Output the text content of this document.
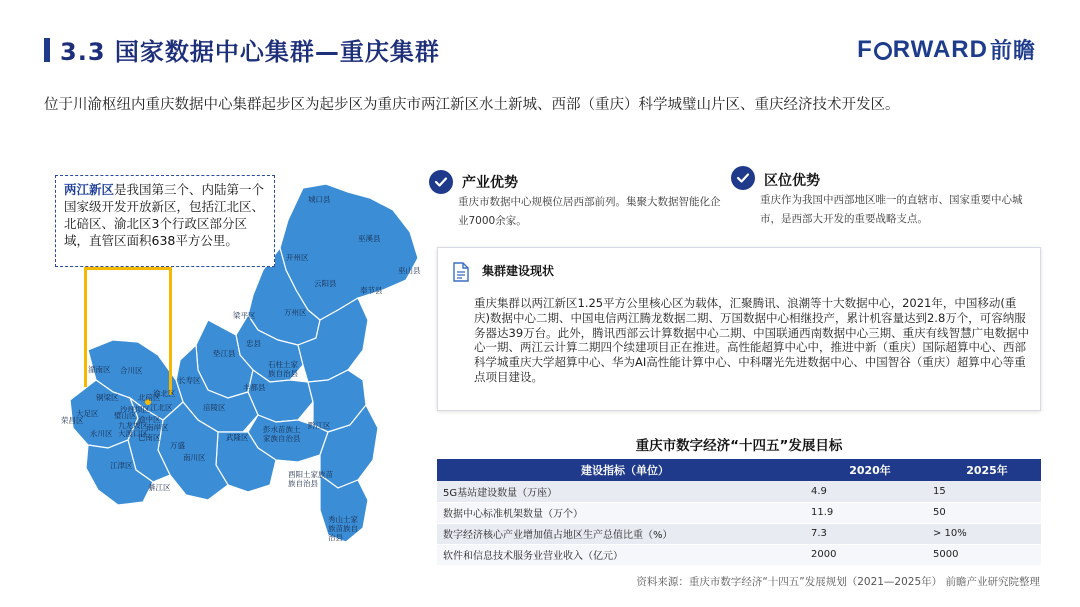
3.3 国家数据中心集群—重庆集群	F RWARD 前瞻
位于川渝枢纽内重庆数据中心集群起步区为起步区为重庆市两江新区水土新城、西部（重庆）科学城璧山片区、重庆经济技术开发区。
城口县
巫溪县
开州区
云阳县
奉节县
巫山县
万州区
梁平区
忠县
垫江县
石柱土家族自治县
丰都县
长寿区
涪陵区
武隆区
彭水苗族土家族自治县
黔江区
酉阳土家族苗族自治县
秀山土家族苗族自治县
南川区
綦江区
万盛
江津区
永川区
荣昌区
大足区
铜梁区
潼南区 合川区
璧山区
渝北区
江北区
巴南区
北碚区
沙坪坝区
九龙坡区
大渡口区
渝中区
南岸区
两江新区是我国第三个、内陆第一个国家级开发开放新区，包括江北区、北碚区、渝北区3个行政区部分区域，直管区面积638平方公里。
产业优势
重庆市数据中心规模位居西部前列。集聚大数据智能化企业7000余家。
区位优势
重庆作为我国中西部地区唯一的直辖市、国家重要中心城市，是西部大开发的重要战略支点。
集群建设现状
重庆集群以两江新区1.25平方公里核心区为载体，汇聚腾讯、浪潮等十大数据中心，2021年，中国移动(重庆)数据中心二期、中国电信两江腾龙数据二期、万国数据中心相继投产，累计机容量达到2.8万个，可容纳服务器达39万台。此外，腾讯西部云计算数据中心二期、中国联通西南数据中心三期、重庆有线智慧广电数据中心一期、两江云计算二期四个续建项目正在推进。高性能超算中心中，推进中新（重庆）国际超算中心、西部科学城重庆大学超算中心、华为AI高性能计算中心、中科曙光先进数据中心、中国智谷（重庆）超算中心等重点项目建设。
重庆市数字经济“十四五”发展目标
建设指标（单位）	2020年	2025年
5G基站建设数量（万座）	4.9	15
数据中心标准机架数量（万个）	11.9	50
数字经济核心产业增加值占地区生产总值比重（%）	7.3	> 10%
软件和信息技术服务业营业收入（亿元）	2000	5000
资料来源：重庆市数字经济“十四五”发展规划（2021—2025年） 前瞻产业研究院整理
